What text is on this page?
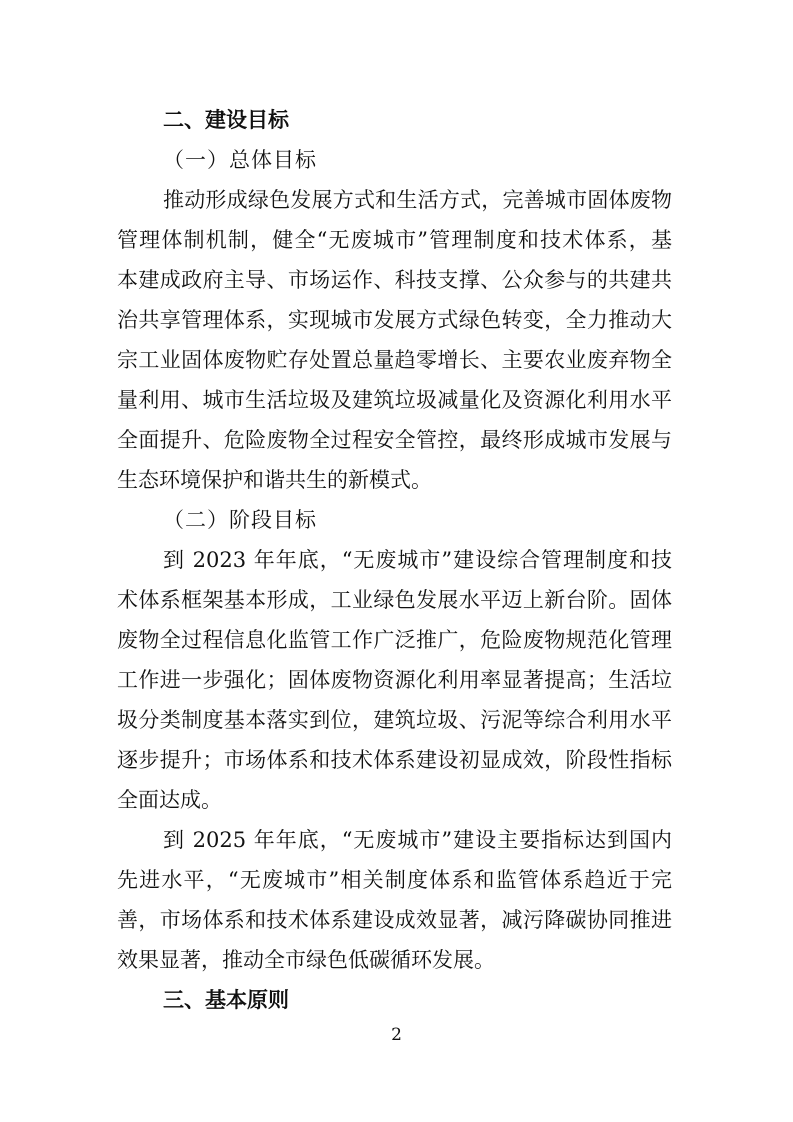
二、建设目标
（一）总体目标
推动形成绿色发展方式和生活方式，完善城市固体废物
管理体制机制，健全“无废城市”管理制度和技术体系，基
本建成政府主导、市场运作、科技支撑、公众参与的共建共
治共享管理体系，实现城市发展方式绿色转变，全力推动大
宗工业固体废物贮存处置总量趋零增长、主要农业废弃物全
量利用、城市生活垃圾及建筑垃圾减量化及资源化利用水平
全面提升、危险废物全过程安全管控，最终形成城市发展与
生态环境保护和谐共生的新模式。
（二）阶段目标
到 2023 年年底，“无废城市”建设综合管理制度和技
术体系框架基本形成，工业绿色发展水平迈上新台阶。固体
废物全过程信息化监管工作广泛推广，危险废物规范化管理
工作进一步强化；固体废物资源化利用率显著提高；生活垃
圾分类制度基本落实到位，建筑垃圾、污泥等综合利用水平
逐步提升；市场体系和技术体系建设初显成效，阶段性指标
全面达成。
到 2025 年年底，“无废城市”建设主要指标达到国内
先进水平，“无废城市”相关制度体系和监管体系趋近于完
善，市场体系和技术体系建设成效显著，减污降碳协同推进
效果显著，推动全市绿色低碳循环发展。
三、基本原则
2
